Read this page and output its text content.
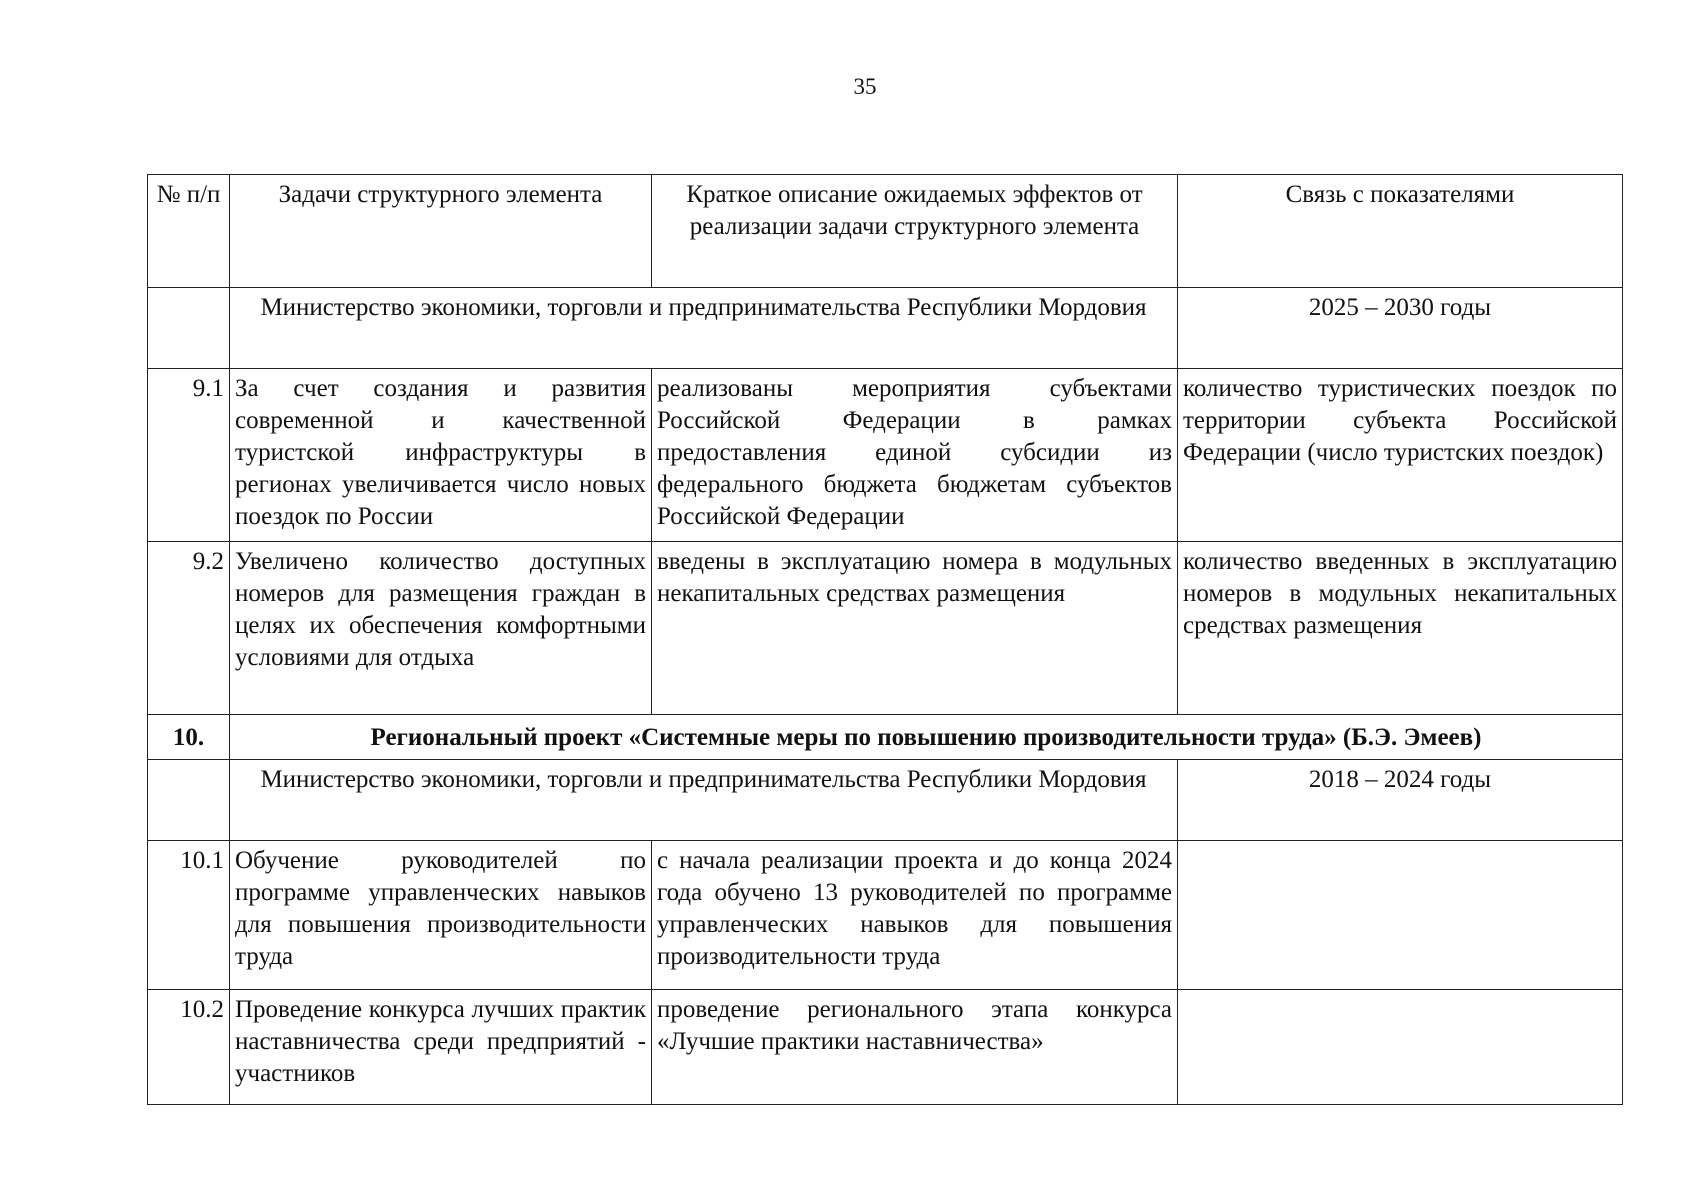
35
№ п/п	Задачи структурного элемента	Краткое описание ожидаемых эффектов от реализации задачи структурного элемента	Связь с показателями
	Министерство экономики, торговли и предпринимательства Республики Мордовия		2025 – 2030 годы
9.1	За счет создания и развития современной и качественной туристской инфраструктуры в регионах увеличивается число новых поездок по России	реализованы мероприятия субъектами Российской Федерации в рамках предоставления единой субсидии из федерального бюджета бюджетам субъектов Российской Федерации	количество туристических поездок по территории субъекта Российской Федерации (число туристских поездок)
9.2	Увеличено количество доступных номеров для размещения граждан в целях их обеспечения комфортными условиями для отдыха	введены в эксплуатацию номера в модульных некапитальных средствах размещения	количество введенных в эксплуатацию номеров в модульных некапитальных средствах размещения
10.	Региональный проект «Системные меры по повышению производительности труда» (Б.Э. Эмеев)		
	Министерство экономики, торговли и предпринимательства Республики Мордовия		2018 – 2024 годы
10.1	Обучение руководителей по программе управленческих навыков для повышения производительности труда	с начала реализации проекта и до конца 2024 года обучено 13 руководителей по программе управленческих навыков для повышения производительности труда	
10.2	Проведение конкурса лучших практик наставничества среди предприятий - участников	проведение регионального этапа конкурса «Лучшие практики наставничества»	
